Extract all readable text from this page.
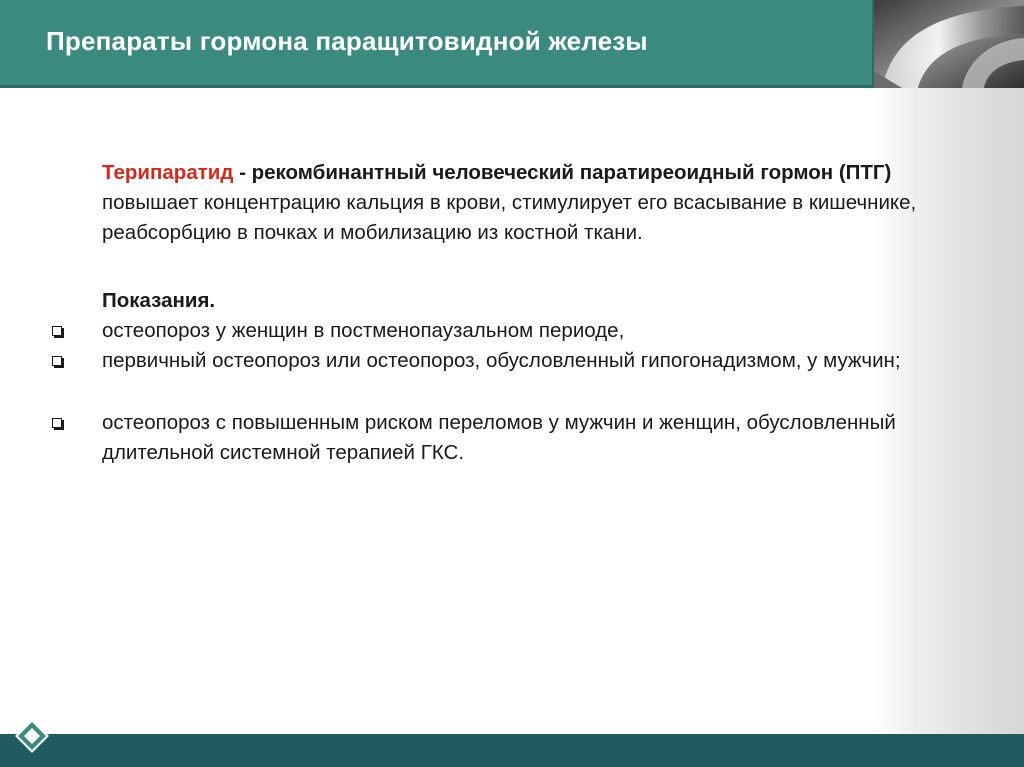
Препараты гормона паращитовидной железы

Терипаратид - рекомбинантный человеческий паратиреоидный гормон (ПТГ) повышает концентрацию кальция в крови, стимулирует его всасывание в кишечнике, реабсорбцию в почках и мобилизацию из костной ткани.

Показания.
остеопороз у женщин в постменопаузальном периоде,
первичный остеопороз или остеопороз, обусловленный гипогонадизмом, у мужчин;
остеопороз с повышенным риском переломов у мужчин и женщин, обусловленный длительной системной терапией ГКС.
